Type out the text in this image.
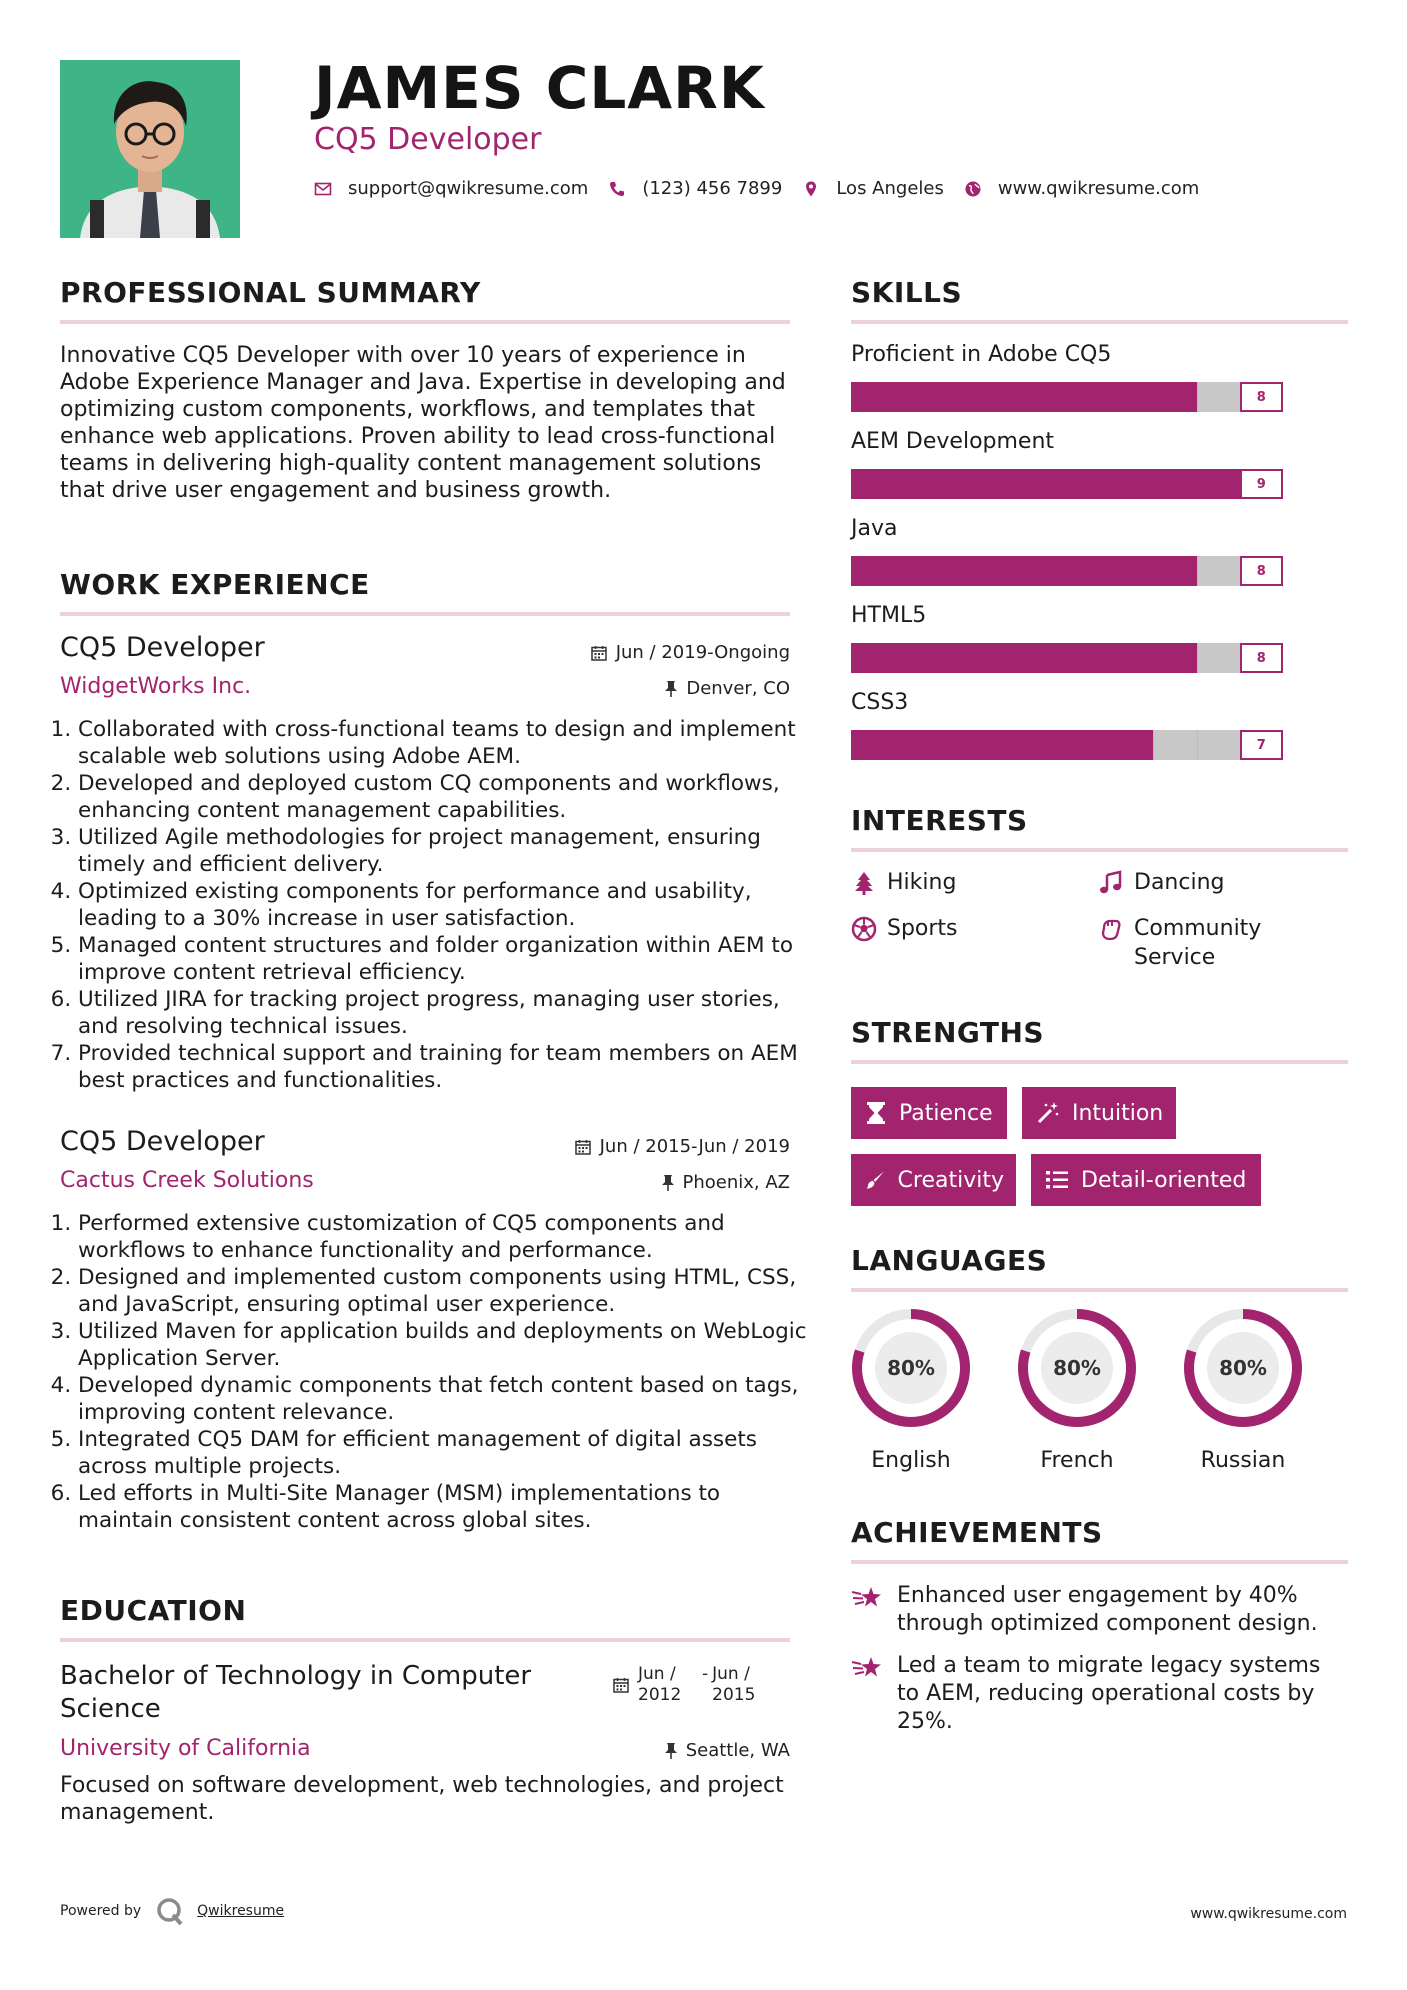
JAMES CLARK
CQ5 Developer
support@qwikresume.com	(123) 456 7899	Los Angeles	www.qwikresume.com
PROFESSIONAL SUMMARY
Innovative CQ5 Developer with over 10 years of experience in Adobe Experience Manager and Java. Expertise in developing and optimizing custom components, workflows, and templates that enhance web applications. Proven ability to lead cross-functional teams in delivering high-quality content management solutions that drive user engagement and business growth.
WORK EXPERIENCE
CQ5 Developer	Jun / 2019-Ongoing
WidgetWorks Inc.	Denver, CO
1. Collaborated with cross-functional teams to design and implement scalable web solutions using Adobe AEM.
2. Developed and deployed custom CQ components and workflows, enhancing content management capabilities.
3. Utilized Agile methodologies for project management, ensuring timely and efficient delivery.
4. Optimized existing components for performance and usability, leading to a 30% increase in user satisfaction.
5. Managed content structures and folder organization within AEM to improve content retrieval efficiency.
6. Utilized JIRA for tracking project progress, managing user stories, and resolving technical issues.
7. Provided technical support and training for team members on AEM best practices and functionalities.
CQ5 Developer	Jun / 2015-Jun / 2019
Cactus Creek Solutions	Phoenix, AZ
1. Performed extensive customization of CQ5 components and workflows to enhance functionality and performance.
2. Designed and implemented custom components using HTML, CSS, and JavaScript, ensuring optimal user experience.
3. Utilized Maven for application builds and deployments on WebLogic Application Server.
4. Developed dynamic components that fetch content based on tags, improving content relevance.
5. Integrated CQ5 DAM for efficient management of digital assets across multiple projects.
6. Led efforts in Multi-Site Manager (MSM) implementations to maintain consistent content across global sites.
EDUCATION
Bachelor of Technology in Computer Science
Jun / 2012
- Jun / 2015
University of California	Seattle, WA
Focused on software development, web technologies, and project management.
SKILLS
Proficient in Adobe CQ5
8
AEM Development
9
Java
8
HTML5
8
CSS3
7
INTERESTS
Hiking	Dancing
Sports	Community Service
STRENGTHS
Patience	Intuition
Creativity	Detail-oriented
LANGUAGES
80%
English
80%
French
80%
Russian
ACHIEVEMENTS
Enhanced user engagement by 40% through optimized component design.
Led a team to migrate legacy systems to AEM, reducing operational costs by 25%.
Powered by	Qwikresume	www.qwikresume.com
